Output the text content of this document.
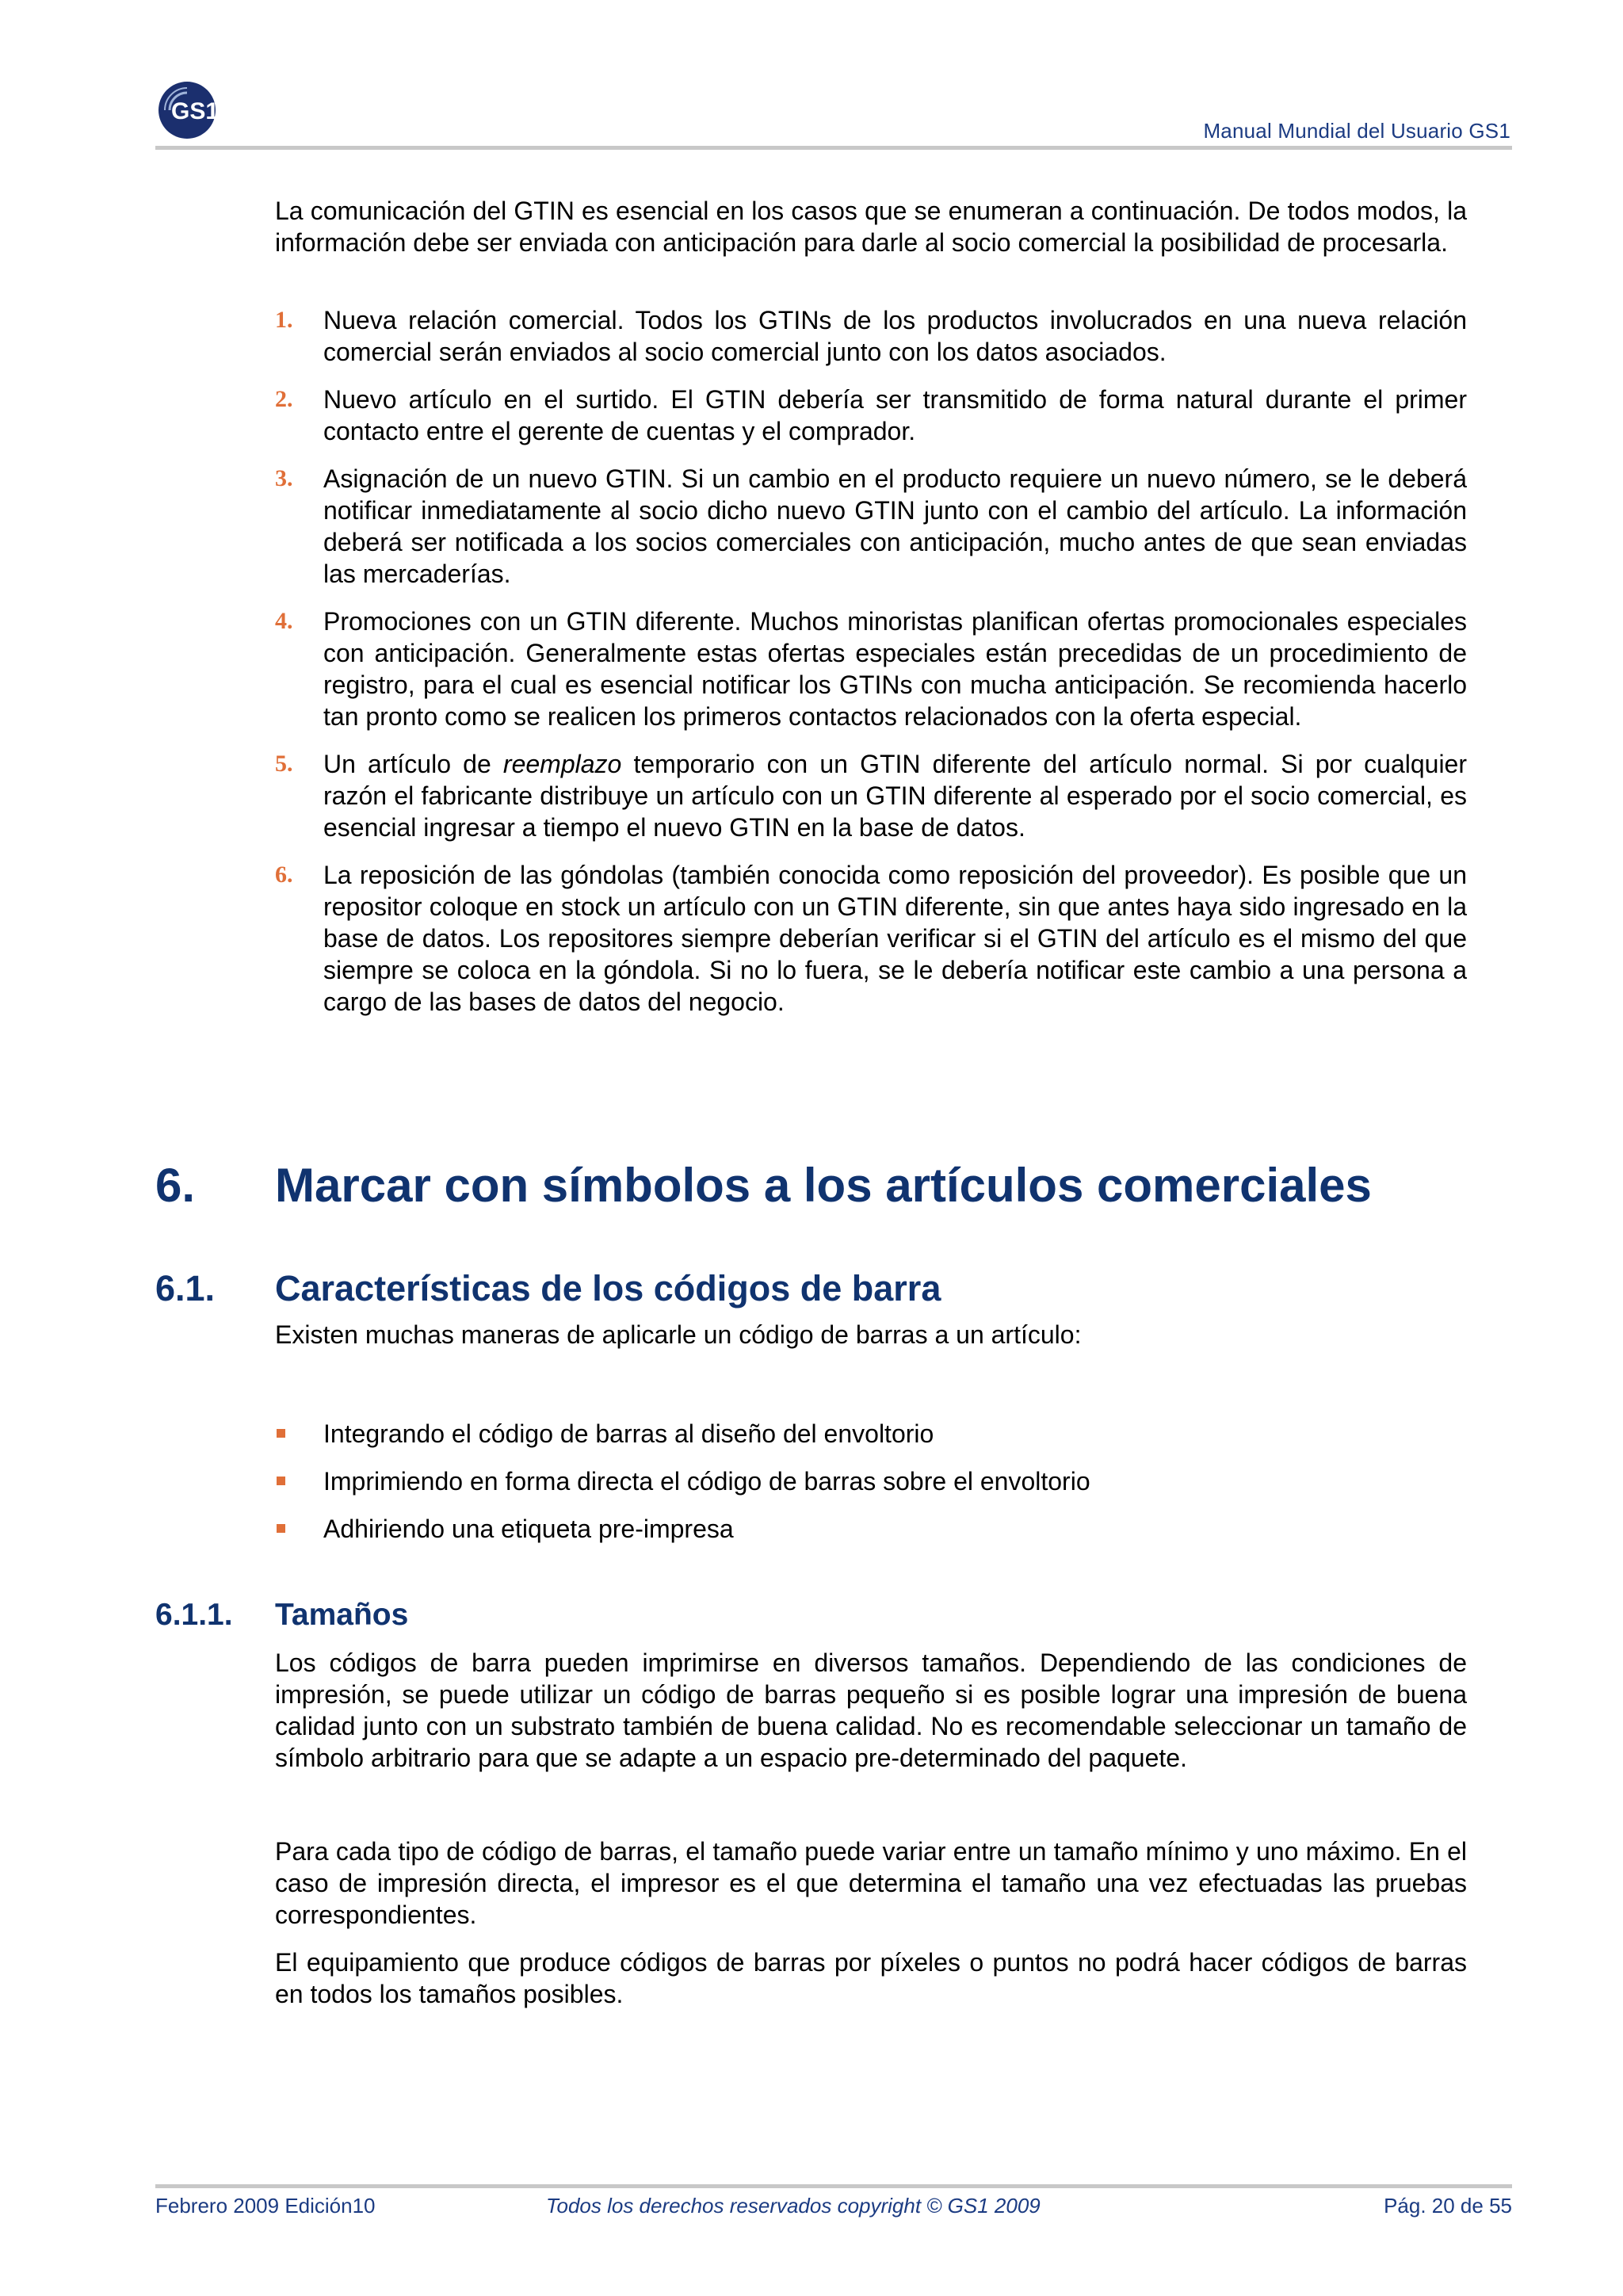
GS1
Manual Mundial del Usuario GS1

La comunicación del GTIN es esencial en los casos que se enumeran a continuación. De todos modos, la información debe ser enviada con anticipación para darle al socio comercial la posibilidad de procesarla.

1. Nueva relación comercial. Todos los GTINs de los productos involucrados en una nueva relación comercial serán enviados al socio comercial junto con los datos asociados.
2. Nuevo artículo en el surtido. El GTIN debería ser transmitido de forma natural durante el primer contacto entre el gerente de cuentas y el comprador.
3. Asignación de un nuevo GTIN. Si un cambio en el producto requiere un nuevo número, se le deberá notificar inmediatamente al socio dicho nuevo GTIN junto con el cambio del artículo. La información deberá ser notificada a los socios comerciales con anticipación, mucho antes de que sean enviadas las mercaderías.
4. Promociones con un GTIN diferente. Muchos minoristas planifican ofertas promocionales especiales con anticipación. Generalmente estas ofertas especiales están precedidas de un procedimiento de registro, para el cual es esencial notificar los GTINs con mucha anticipación. Se recomienda hacerlo tan pronto como se realicen los primeros contactos relacionados con la oferta especial.
5. Un artículo de reemplazo temporario con un GTIN diferente del artículo normal. Si por cualquier razón el fabricante distribuye un artículo con un GTIN diferente al esperado por el socio comercial, es esencial ingresar a tiempo el nuevo GTIN en la base de datos.
6. La reposición de las góndolas (también conocida como reposición del proveedor). Es posible que un repositor coloque en stock un artículo con un GTIN diferente, sin que antes haya sido ingresado en la base de datos. Los repositores siempre deberían verificar si el GTIN del artículo es el mismo del que siempre se coloca en la góndola. Si no lo fuera, se le debería notificar este cambio a una persona a cargo de las bases de datos del negocio.
6. Marcar con símbolos a los artículos comerciales
6.1. Características de los códigos de barra

Existen muchas maneras de aplicarle un código de barras a un artículo:

Integrando el código de barras al diseño del envoltorio
Imprimiendo en forma directa el código de barras sobre el envoltorio
Adhiriendo una etiqueta pre-impresa
6.1.1. Tamaños

Los códigos de barra pueden imprimirse en diversos tamaños. Dependiendo de las condiciones de impresión, se puede utilizar un código de barras pequeño si es posible lograr una impresión de buena calidad junto con un substrato también de buena calidad. No es recomendable seleccionar un tamaño de símbolo arbitrario para que se adapte a un espacio pre-determinado del paquete.

Para cada tipo de código de barras, el tamaño puede variar entre un tamaño mínimo y uno máximo. En el caso de impresión directa, el impresor es el que determina el tamaño una vez efectuadas las pruebas correspondientes.

El equipamiento que produce códigos de barras por píxeles o puntos no podrá hacer códigos de barras en todos los tamaños posibles.

Febrero 2009 Edición10	Todos los derechos reservados copyright © GS1 2009	Pág. 20 de 55
